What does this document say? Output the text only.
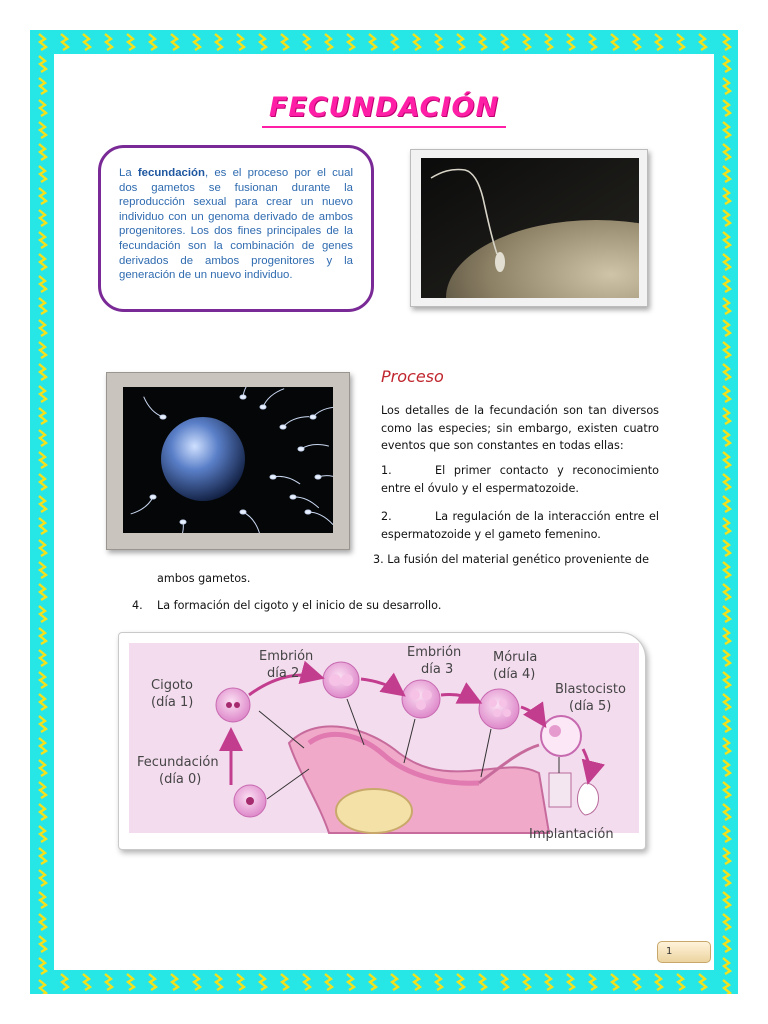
FECUNDACIÓN
La fecundación, es el proceso por el cual dos gametos se fusionan durante la reproducción sexual para crear un nuevo individuo con un genoma derivado de ambos progenitores. Los dos fines principales de la fecundación son la combinación de genes derivados de ambos progenitores y la generación de un nuevo individuo.
Proceso
Los detalles de la fecundación son tan diversos como las especies; sin embargo, existen cuatro eventos que son constantes en todas ellas:
1.	El primer contacto y reconocimiento entre el óvulo y el espermatozoide.
2.	La regulación de la interacción entre el espermatozoide y el gameto femenino.
3. La fusión del material genético proveniente de
ambos gametos.
4. La formación del cigoto y el inicio de su desarrollo.
Embrión
día 2
Embrión
día 3
Mórula
(día 4)
Blastocisto
(día 5)
Cigoto
(día 1)
Fecundación
(día 0)
Implantación
1
